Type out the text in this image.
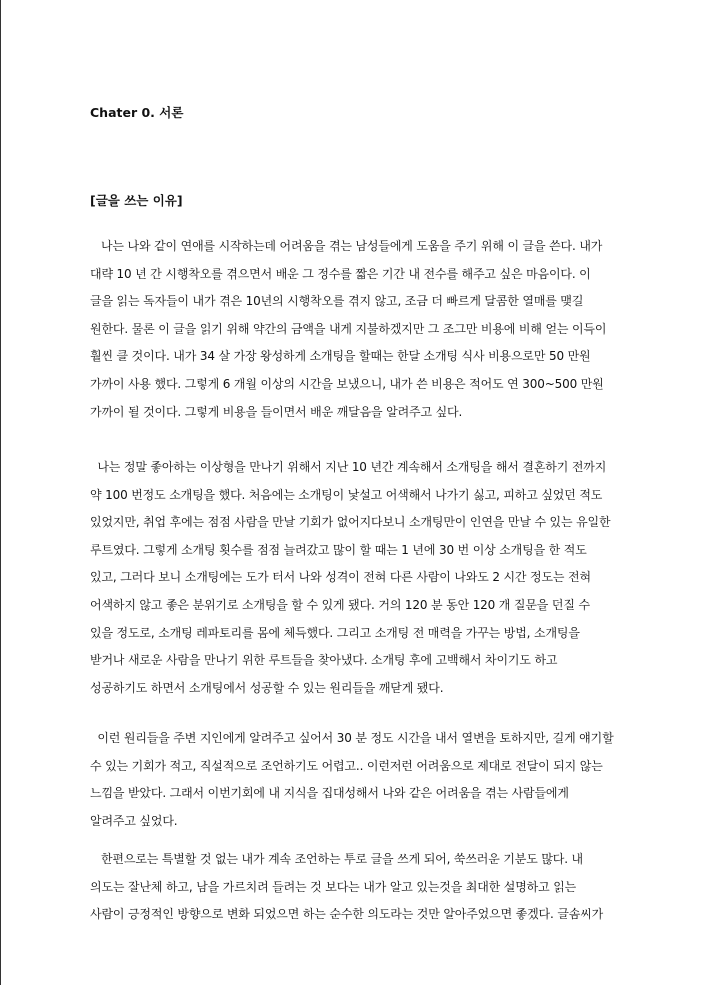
Chater 0. 서론
[글을 쓰는 이유]
나는 나와 같이 연애를 시작하는데 어려움을 겪는 남성들에게 도움을 주기 위해 이 글을 쓴다. 내가
대략 10 년 간 시행착오를 겪으면서 배운 그 정수를 짧은 기간 내 전수를 해주고 싶은 마음이다. 이
글을 읽는 독자들이 내가 겪은 10년의 시행착오를 겪지 않고, 조금 더 빠르게 달콤한 열매를 맺길
원한다. 물론 이 글을 읽기 위해 약간의 금액을 내게 지불하겠지만 그 조그만 비용에 비해 얻는 이득이
훨씬 클 것이다. 내가 34 살 가장 왕성하게 소개팅을 할때는 한달 소개팅 식사 비용으로만 50 만원
가까이 사용 했다. 그렇게 6 개월 이상의 시간을 보냈으니, 내가 쓴 비용은 적어도 연 300~500 만원
가까이 될 것이다. 그렇게 비용을 들이면서 배운 깨달음을 알려주고 싶다.
나는 정말 좋아하는 이상형을 만나기 위해서 지난 10 년간 계속해서 소개팅을 해서 결혼하기 전까지
약 100 번정도 소개팅을 했다. 처음에는 소개팅이 낯설고 어색해서 나가기 싫고, 피하고 싶었던 적도
있었지만, 취업 후에는 점점 사람을 만날 기회가 없어지다보니 소개팅만이 인연을 만날 수 있는 유일한
루트였다. 그렇게 소개팅 횟수를 점점 늘려갔고 많이 할 때는 1 년에 30 번 이상 소개팅을 한 적도
있고, 그러다 보니 소개팅에는 도가 터서 나와 성격이 전혀 다른 사람이 나와도 2 시간 정도는 전혀
어색하지 않고 좋은 분위기로 소개팅을 할 수 있게 됐다. 거의 120 분 동안 120 개 질문을 던질 수
있을 정도로, 소개팅 레파토리를 몸에 체득했다. 그리고 소개팅 전 매력을 가꾸는 방법, 소개팅을
받거나 새로운 사람을 만나기 위한 루트들을 찾아냈다. 소개팅 후에 고백해서 차이기도 하고
성공하기도 하면서 소개팅에서 성공할 수 있는 원리들을 깨닫게 됐다.
이런 원리들을 주변 지인에게 알려주고 싶어서 30 분 정도 시간을 내서 열변을 토하지만, 길게 얘기할
수 있는 기회가 적고, 직설적으로 조언하기도 어렵고.. 이런저런 어려움으로 제대로 전달이 되지 않는
느낌을 받았다. 그래서 이번기회에 내 지식을 집대성해서 나와 같은 어려움을 겪는 사람들에게
알려주고 싶었다.
한편으로는 특별할 것 없는 내가 계속 조언하는 투로 글을 쓰게 되어, 쑥쓰러운 기분도 많다. 내
의도는 잘난체 하고, 남을 가르치려 들려는 것 보다는 내가 알고 있는것을 최대한 설명하고 읽는
사람이 긍정적인 방향으로 변화 되었으면 하는 순수한 의도라는 것만 알아주었으면 좋겠다. 글솜씨가
